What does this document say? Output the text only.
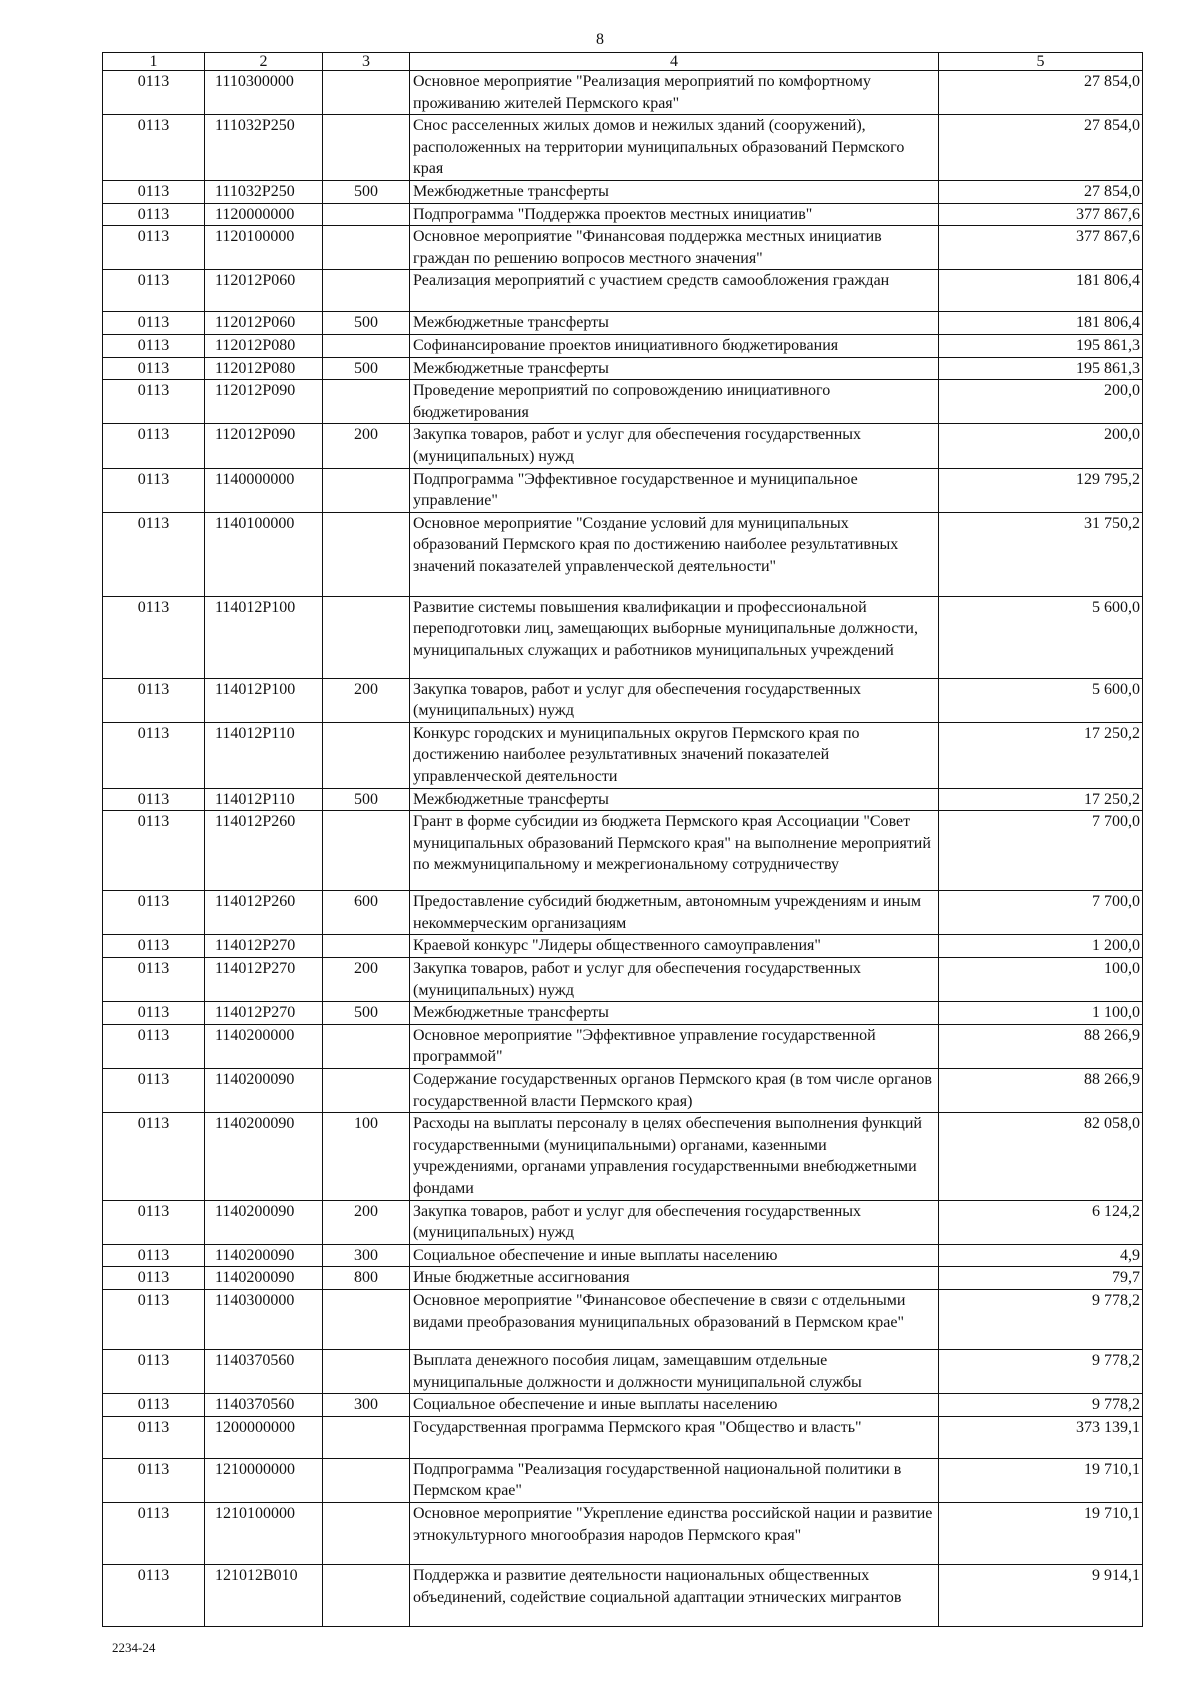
8
1	2	3	4	5
0113	1110300000		Основное мероприятие "Реализация мероприятий по комфортному проживанию жителей Пермского края"	27 854,0
0113	111032Р250		Снос расселенных жилых домов и нежилых зданий (сооружений), расположенных на территории муниципальных образований Пермского края	27 854,0
0113	111032Р250	500	Межбюджетные трансферты	27 854,0
0113	1120000000		Подпрограмма "Поддержка проектов местных инициатив"	377 867,6
0113	1120100000		Основное мероприятие "Финансовая поддержка местных инициатив граждан по решению вопросов местного значения"	377 867,6
0113	112012Р060		Реализация мероприятий с участием средств самообложения граждан	181 806,4
0113	112012Р060	500	Межбюджетные трансферты	181 806,4
0113	112012Р080		Софинансирование проектов инициативного бюджетирования	195 861,3
0113	112012Р080	500	Межбюджетные трансферты	195 861,3
0113	112012Р090		Проведение мероприятий по сопровождению инициативного бюджетирования	200,0
0113	112012Р090	200	Закупка товаров, работ и услуг для обеспечения государственных (муниципальных) нужд	200,0
0113	1140000000		Подпрограмма "Эффективное государственное и муниципальное управление"	129 795,2
0113	1140100000		Основное мероприятие "Создание условий для муниципальных образований Пермского края по достижению наиболее результативных значений показателей управленческой деятельности"	31 750,2
0113	114012Р100		Развитие системы повышения квалификации и профессиональной переподготовки лиц, замещающих выборные муниципальные должности, муниципальных служащих и работников муниципальных учреждений	5 600,0
0113	114012Р100	200	Закупка товаров, работ и услуг для обеспечения государственных (муниципальных) нужд	5 600,0
0113	114012Р110		Конкурс городских и муниципальных округов Пермского края по достижению наиболее результативных значений показателей управленческой деятельности	17 250,2
0113	114012Р110	500	Межбюджетные трансферты	17 250,2
0113	114012Р260		Грант в форме субсидии из бюджета Пермского края Ассоциации "Совет муниципальных образований Пермского края" на выполнение мероприятий по межмуниципальному и межрегиональному сотрудничеству	7 700,0
0113	114012Р260	600	Предоставление субсидий бюджетным, автономным учреждениям и иным некоммерческим организациям	7 700,0
0113	114012Р270		Краевой конкурс "Лидеры общественного самоуправления"	1 200,0
0113	114012Р270	200	Закупка товаров, работ и услуг для обеспечения государственных (муниципальных) нужд	100,0
0113	114012Р270	500	Межбюджетные трансферты	1 100,0
0113	1140200000		Основное мероприятие "Эффективное управление государственной программой"	88 266,9
0113	1140200090		Содержание государственных органов Пермского края (в том числе органов государственной власти Пермского края)	88 266,9
0113	1140200090	100	Расходы на выплаты персоналу в целях обеспечения выполнения функций государственными (муниципальными) органами, казенными учреждениями, органами управления государственными внебюджетными фондами	82 058,0
0113	1140200090	200	Закупка товаров, работ и услуг для обеспечения государственных (муниципальных) нужд	6 124,2
0113	1140200090	300	Социальное обеспечение и иные выплаты населению	4,9
0113	1140200090	800	Иные бюджетные ассигнования	79,7
0113	1140300000		Основное мероприятие "Финансовое обеспечение в связи с отдельными видами преобразования муниципальных образований в Пермском крае"	9 778,2
0113	1140370560		Выплата денежного пособия лицам, замещавшим отдельные муниципальные должности и должности муниципальной службы	9 778,2
0113	1140370560	300	Социальное обеспечение и иные выплаты населению	9 778,2
0113	1200000000		Государственная программа Пермского края "Общество и власть"	373 139,1
0113	1210000000		Подпрограмма "Реализация государственной национальной политики в Пермском крае"	19 710,1
0113	1210100000		Основное мероприятие "Укрепление единства российской нации и развитие этнокультурного многообразия народов Пермского края"	19 710,1
0113	121012В010		Поддержка и развитие деятельности национальных общественных объединений, содействие социальной адаптации этнических мигрантов	9 914,1
2234-24
